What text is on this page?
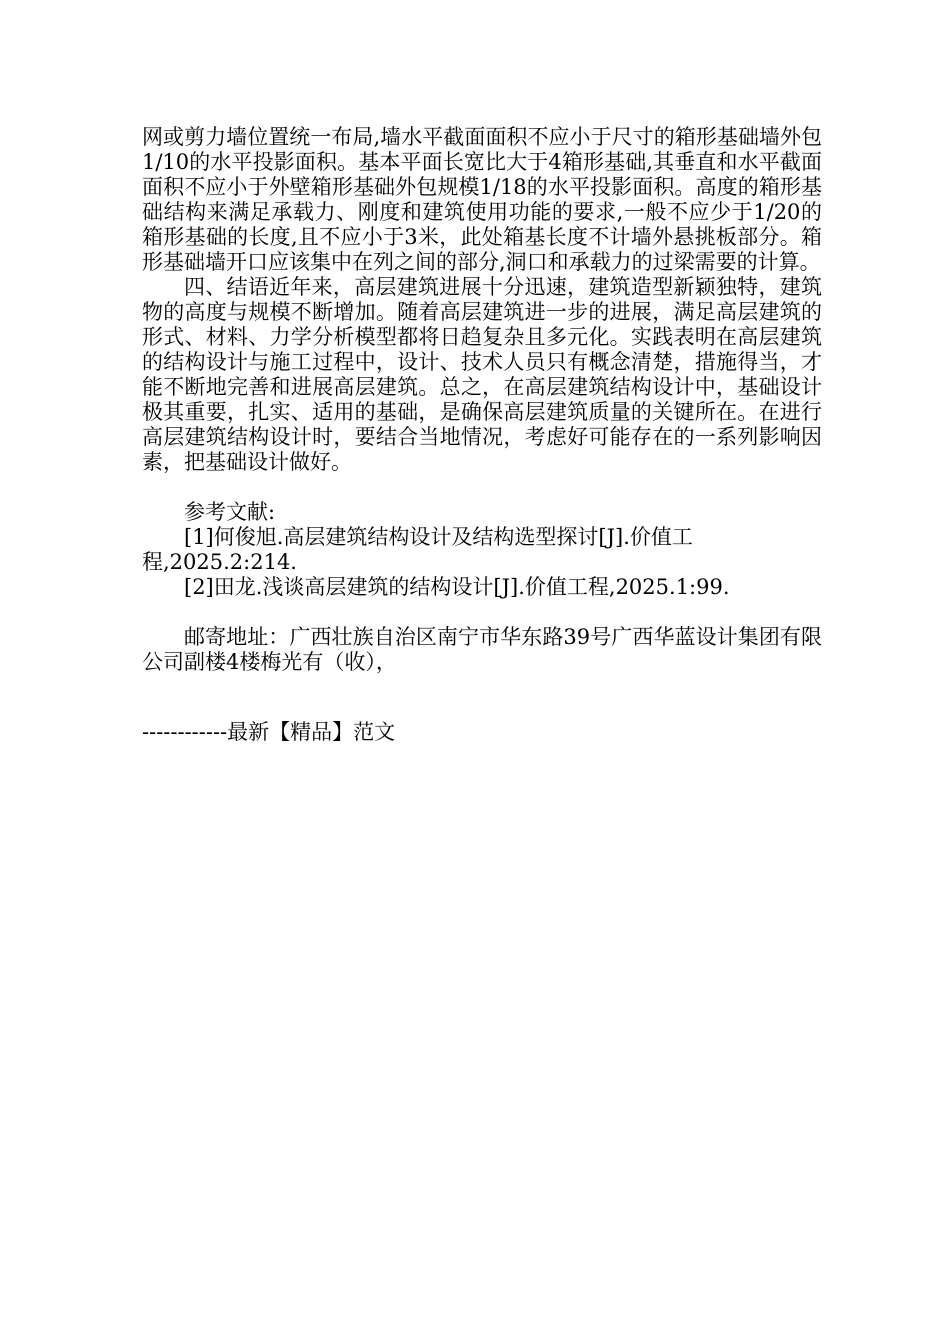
网或剪力墙位置统一布局,墙水平截面面积不应小于尺寸的箱形基础墙外包1/10的水平投影面积。基本平面长宽比大于4箱形基础,其垂直和水平截面面积不应小于外壁箱形基础外包规模1/18的水平投影面积。高度的箱形基础结构来满足承载力、刚度和建筑使用功能的要求,一般不应少于1/20的箱形基础的长度,且不应小于3米，此处箱基长度不计墙外悬挑板部分。箱形基础墙开口应该集中在列之间的部分,洞口和承载力的过梁需要的计算。

四、结语近年来，高层建筑进展十分迅速，建筑造型新颖独特，建筑物的高度与规模不断增加。随着高层建筑进一步的进展，满足高层建筑的形式、材料、力学分析模型都将日趋复杂且多元化。实践表明在高层建筑的结构设计与施工过程中，设计、技术人员只有概念清楚，措施得当，才能不断地完善和进展高层建筑。总之，在高层建筑结构设计中，基础设计极其重要，扎实、适用的基础，是确保高层建筑质量的关键所在。在进行高层建筑结构设计时，要结合当地情况，考虑好可能存在的一系列影响因素，把基础设计做好。

参考文献:

[1]何俊旭.高层建筑结构设计及结构选型探讨[J].价值工程,2025.2:214.

[2]田龙.浅谈高层建筑的结构设计[J].价值工程,2025.1:99.

邮寄地址：广西壮族自治区南宁市华东路39号广西华蓝设计集团有限公司副楼4楼梅光有（收），

------------最新【精品】范文
